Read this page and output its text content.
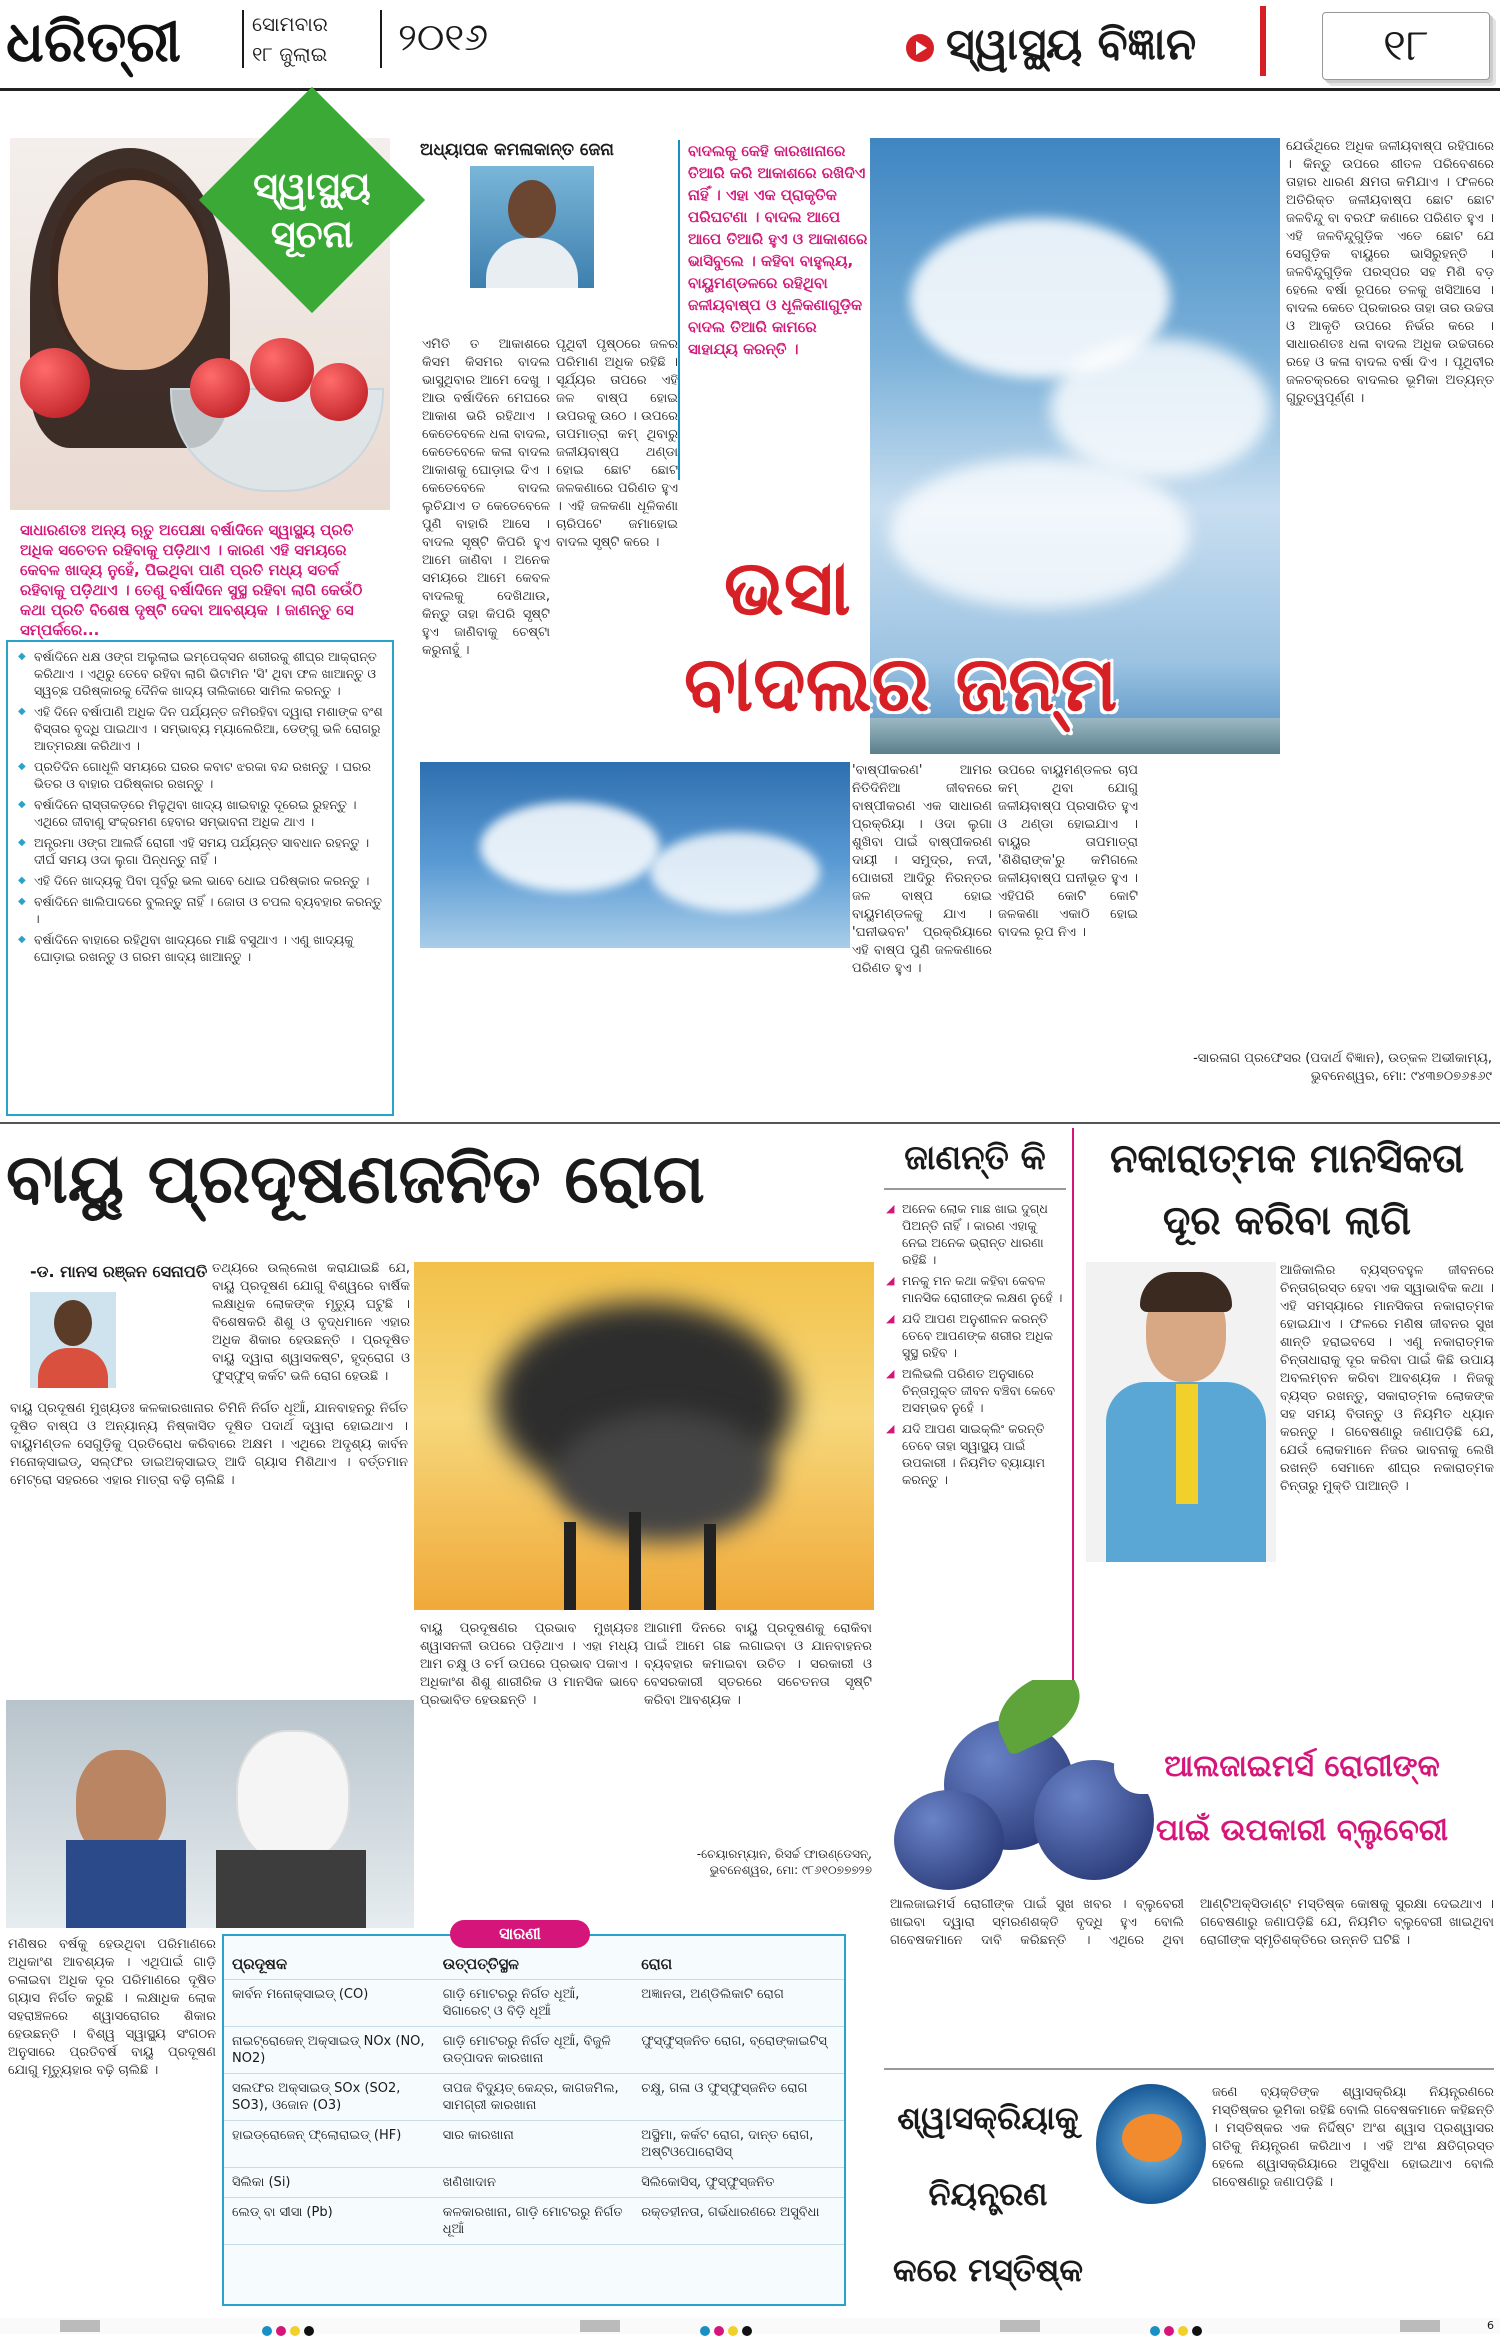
ଧରିତ୍ରୀ	ସୋମବାର
୧୮ ଜୁଲାଇ	୨୦୧୬	ସ୍ୱାସ୍ଥ୍ୟ ବିଜ୍ଞାନ	୧୮
ସ୍ୱାସ୍ଥ୍ୟ
ସୂଚନା
ସାଧାରଣତଃ ଅନ୍ୟ ଋତୁ ଅପେକ୍ଷା ବର୍ଷାଦିନେ ସ୍ୱାସ୍ଥ୍ୟ ପ୍ରତି ଅଧିକ ସଚେତନ ରହିବାକୁ ପଡ଼ିଥାଏ । କାରଣ ଏହି ସମୟରେ କେବଳ ଖାଦ୍ୟ ନୁହେଁ, ପିଇଥିବା ପାଣି ପ୍ରତି ମଧ୍ୟ ସତର୍କ ରହିବାକୁ ପଡ଼ିଥାଏ । ତେଣୁ ବର୍ଷାଦିନେ ସୁସ୍ଥ ରହିବା ଲାଗି କେଉଁଠି କଥା ପ୍ରତି ବିଶେଷ ଦୃଷ୍ଟି ଦେବା ଆବଶ୍ୟକ । ଜାଣନ୍ତୁ ସେ ସମ୍ପର୍କରେ...
◆ ବର୍ଷାଦିନେ ଧକ୍ଷ ଓଙ୍ଗ ଅଲୁଲାଇ ଇମ୍ପେକ୍ସନ ଶରୀରକୁ ଶୀଘ୍ର ଆକ୍ରାନ୍ତ କରିଥାଏ । ଏଥିରୁ ତେବେ ରହିବା ଲାଗି ଭିଟାମିନ 'ସି' ଥିବା ଫଳ ଖାଆନ୍ତୁ ଓ ସ୍ୱଚ୍ଛ ପରିଷ୍କାରକୁ ଦୈନିକ ଖାଦ୍ୟ ତାଲିକାରେ ସାମିଲ କରନ୍ତୁ ।
◆ ଏହି ଦିନେ ବର୍ଷାପାଣି ଅଧିକ ଦିନ ପର୍ଯ୍ୟନ୍ତ ଜମିରହିବା ଦ୍ୱାରା ମଶାଙ୍କ ବଂଶ ବିସ୍ତାର ବୃଦ୍ଧି ପାଇଥାଏ । ସମ୍ଭାବ୍ୟ ମ୍ୟାଲେରିଆ, ଡେଙ୍ଗୁ ଭଳି ରୋଗରୁ ଆତ୍ମରକ୍ଷା କରିଥାଏ ।
◆ ପ୍ରତିଦିନ ଗୋଧୂଳି ସମୟରେ ଘରର କବାଟ ଝରକା ବନ୍ଦ ରଖନ୍ତୁ । ଘରର ଭିତର ଓ ବାହାର ପରିଷ୍କାର ରଖନ୍ତୁ ।
◆ ବର୍ଷାଦିନେ ରାସ୍ତାକଡ଼ରେ ମିଳୁଥିବା ଖାଦ୍ୟ ଖାଇବାରୁ ଦୂରେଇ ରୁହନ୍ତୁ । ଏଥିରେ ଜୀବାଣୁ ସଂକ୍ରମଣ ହେବାର ସମ୍ଭାବନା ଅଧିକ ଥାଏ ।
◆ ଅନ୍ତ୍ରମା ଓଙ୍ଗ ଆଲର୍ଜି ରୋଗୀ ଏହି ସମୟ ପର୍ଯ୍ୟନ୍ତ ସାବଧାନ ରହନ୍ତୁ । ଦୀର୍ଘ ସମୟ ଓଦା ଲୁଗା ପିନ୍ଧନ୍ତୁ ନାହିଁ ।
◆ ଏହି ଦିନେ ଖାଦ୍ୟକୁ ପିବା ପୂର୍ବରୁ ଭଲ ଭାବେ ଧୋଇ ପରିଷ୍କାର କରନ୍ତୁ ।
◆ ବର୍ଷାଦିନେ ଖାଲିପାଦରେ ବୁଲନ୍ତୁ ନାହିଁ । ଜୋତା ଓ ଚପଲ ବ୍ୟବହାର କରନ୍ତୁ ।
◆ ବର୍ଷାଦିନେ ବାହାରେ ରହିଥିବା ଖାଦ୍ୟରେ ମାଛି ବସୁଥାଏ । ଏଣୁ ଖାଦ୍ୟକୁ ଘୋଡ଼ାଇ ରଖନ୍ତୁ ଓ ଗରମ ଖାଦ୍ୟ ଖାଆନ୍ତୁ ।
ଅଧ୍ୟାପକ କମଳାକାନ୍ତ ଜେନା	ବାଦଲକୁ କେହି କାରଖାନାରେ ତିଆରି କରି ଆକାଶରେ ରଖିଦିଏ ନାହିଁ । ଏହା ଏକ ପ୍ରାକୃତିକ ପରିଘଟଣା । ବାଦଲ ଆପେ ଆପେ ତିଆରି ହୁଏ ଓ ଆକାଶରେ ଭାସିବୁଲେ । କହିବା ବାହୁଲ୍ୟ, ବାୟୁମଣ୍ଡଳରେ ରହିଥିବା ଜଳୀୟବାଷ୍ପ ଓ ଧୂଳିକଣାଗୁଡ଼ିକ ବାଦଲ ତିଆରି କାମରେ ସାହାଯ୍ୟ କରନ୍ତି ।
ଏମିତି ତ ଆକାଶରେ କିସମ କିସମର ବାଦଲ ଭାସୁଥିବାର ଆମେ ଦେଖୁ । ଆଉ ବର୍ଷାଦିନେ ମେଘରେ ଆକାଶ ଭରି ରହିଥାଏ । କେତେବେଳେ ଧଳା ବାଦଲ, କେତେବେଳେ କଳା ବାଦଲ ଆକାଶକୁ ଘୋଡ଼ାଇ ଦିଏ । କେତେବେଳେ ବାଦଲ ଲୁଚିଯାଏ ତ କେତେବେଳେ ପୁଣି ବାହାରି ଆସେ । ବାଦଲ ସୃଷ୍ଟି କିପରି ହୁଏ ଆମେ ଜାଣିବା । ଅନେକ ସମୟରେ ଆମେ କେବଳ ବାଦଲକୁ ଦେଖିଥାଉ, କିନ୍ତୁ ତାହା କିପରି ସୃଷ୍ଟି ହୁଏ ଜାଣିବାକୁ ଚେଷ୍ଟା କରୁନାହୁଁ ।
ପୃଥିବୀ ପୃଷ୍ଠରେ ଜଳର ପରିମାଣ ଅଧିକ ରହିଛି । ସୂର୍ଯ୍ୟର ତାପରେ ଏହି ଜଳ ବାଷ୍ପ ହୋଇ ଉପରକୁ ଉଠେ । ଉପରେ ତାପମାତ୍ରା କମ୍ ଥିବାରୁ ଜଳୀୟବାଷ୍ପ ଥଣ୍ଡା ହୋଇ ଛୋଟ ଛୋଟ ଜଳକଣାରେ ପରିଣତ ହୁଏ । ଏହି ଜଳକଣା ଧୂଳିକଣା ଚାରିପଟେ ଜମାହୋଇ ବାଦଲ ସୃଷ୍ଟି କରେ ।
ଭସା
ବାଦଲର ଜନ୍ମ
ଯେଉଁଥିରେ ଅଧିକ ଜଳୀୟବାଷ୍ପ ରହିପାରେ । କିନ୍ତୁ ଉପରେ ଶୀତଳ ପରିବେଶରେ ତାହାର ଧାରଣ କ୍ଷମତା କମିଯାଏ । ଫଳରେ ଅତିରିକ୍ତ ଜଳୀୟବାଷ୍ପ ଛୋଟ ଛୋଟ ଜଳବିନ୍ଦୁ ବା ବରଫ କଣାରେ ପରିଣତ ହୁଏ । ଏହି ଜଳବିନ୍ଦୁଗୁଡ଼ିକ ଏତେ ଛୋଟ ଯେ ସେଗୁଡ଼ିକ ବାୟୁରେ ଭାସିରୁହନ୍ତି । ଜଳବିନ୍ଦୁଗୁଡ଼ିକ ପରସ୍ପର ସହ ମିଶି ବଡ଼ ହେଲେ ବର୍ଷା ରୂପରେ ତଳକୁ ଖସିଆସେ । ବାଦଲ କେତେ ପ୍ରକାରର ତାହା ତାର ଉଚ୍ଚତା ଓ ଆକୃତି ଉପରେ ନିର୍ଭର କରେ । ସାଧାରଣତଃ ଧଳା ବାଦଲ ଅଧିକ ଉଚ୍ଚତାରେ ରହେ ଓ କଳା ବାଦଲ ବର୍ଷା ଦିଏ । ପୃଥିବୀର ଜଳଚକ୍ରରେ ବାଦଲର ଭୂମିକା ଅତ୍ୟନ୍ତ ଗୁରୁତ୍ୱପୂର୍ଣ୍ଣ ।
'ବାଷ୍ପୀକରଣ' ଆମର ନିତିଦିନିଆ ଜୀବନରେ ବାଷ୍ପୀକରଣ ଏକ ସାଧାରଣ ପ୍ରକ୍ରିୟା । ଓଦା ଲୁଗା ଶୁଖିବା ପାଇଁ ବାଷ୍ପୀକରଣ ଦାୟୀ । ସମୁଦ୍ର, ନଦୀ, ପୋଖରୀ ଆଦିରୁ ନିରନ୍ତର ଜଳ ବାଷ୍ପ ହୋଇ ବାୟୁମଣ୍ଡଳକୁ ଯାଏ । 'ଘନୀଭବନ' ପ୍ରକ୍ରିୟାରେ ଏହି ବାଷ୍ପ ପୁଣି ଜଳକଣାରେ ପରିଣତ ହୁଏ ।
ଉପରେ ବାୟୁମଣ୍ଡଳର ଚାପ କମ୍ ଥିବା ଯୋଗୁ ଜଳୀୟବାଷ୍ପ ପ୍ରସାରିତ ହୁଏ ଓ ଥଣ୍ଡା ହୋଇଯାଏ । ବାୟୁର ତାପମାତ୍ରା 'ଶିଶିରାଙ୍କ'ରୁ କମିଗଲେ ଜଳୀୟବାଷ୍ପ ଘନୀଭୂତ ହୁଏ । ଏହିପରି କୋଟି କୋଟି ଜଳକଣା ଏକାଠି ହୋଇ ବାଦଲ ରୂପ ନିଏ ।
-ସାରଳାଗ ପ୍ରଫେସର (ପଦାର୍ଥ ବିଜ୍ଞାନ), ଉତ୍କଳ ଅଭୀକାମ୍ୟ, ଭୁବନେଶ୍ୱର, ମୋ: ୯୪୩୭୦୭୬୫୬୯
ବାୟୁ ପ୍ରଦୂଷଣଜନିତ ରୋଗ
-ଡ. ମାନସ ରଞ୍ଜନ ସେନାପତି
ବାୟୁ ପ୍ରଦୂଷଣ ମୁଖ୍ୟତଃ କଳକାରଖାନାର ଚିମିନି ନିର୍ଗତ ଧୂଆଁ, ଯାନବାହନରୁ ନିର୍ଗତ ଦୂଷିତ ବାଷ୍ପ ଓ ଅନ୍ୟାନ୍ୟ ନିଷ୍କାସିତ ଦୂଷିତ ପଦାର୍ଥ ଦ୍ୱାରା ହୋଇଥାଏ । ବାୟୁମଣ୍ଡଳ ସେଗୁଡ଼ିକୁ ପ୍ରତିରୋଧ କରିବାରେ ଅକ୍ଷମ । ଏଥିରେ ଅଦୃଶ୍ୟ କାର୍ବନ ମନୋକ୍ସାଇଡ୍, ସଲ୍ଫର ଡାଇଅକ୍ସାଇଡ୍ ଆଦି ଗ୍ୟାସ ମିଶିଥାଏ । ବର୍ତ୍ତମାନ ମେଟ୍ରୋ ସହରରେ ଏହାର ମାତ୍ରା ବଢ଼ି ଚାଲିଛି ।
ତଥ୍ୟରେ ଉଲ୍ଲେଖ କରାଯାଇଛି ଯେ, ବାୟୁ ପ୍ରଦୂଷଣ ଯୋଗୁ ବିଶ୍ୱରେ ବାର୍ଷିକ ଲକ୍ଷାଧିକ ଲୋକଙ୍କ ମୃତ୍ୟୁ ଘଟୁଛି । ବିଶେଷକରି ଶିଶୁ ଓ ବୃଦ୍ଧମାନେ ଏହାର ଅଧିକ ଶିକାର ହେଉଛନ୍ତି । ପ୍ରଦୂଷିତ ବାୟୁ ଦ୍ୱାରା ଶ୍ୱାସକଷ୍ଟ, ହୃଦ୍‌ରୋଗ ଓ ଫୁସ୍‌ଫୁସ୍ କର୍କଟ ଭଳି ରୋଗ ହେଉଛି ।
ବାୟୁ ପ୍ରଦୂଷଣର ପ୍ରଭାବ ମୁଖ୍ୟତଃ ଶ୍ୱାସନଳୀ ଉପରେ ପଡ଼ିଥାଏ । ଏହା ମଧ୍ୟ ଆମ ଚକ୍ଷୁ ଓ ଚର୍ମ ଉପରେ ପ୍ରଭାବ ପକାଏ । ଅଧିକାଂଶ ଶିଶୁ ଶାରୀରିକ ଓ ମାନସିକ ଭାବେ ପ୍ରଭାବିତ ହେଉଛନ୍ତି ।
ଆଗାମୀ ଦିନରେ ବାୟୁ ପ୍ରଦୂଷଣକୁ ରୋକିବା ପାଇଁ ଆମେ ଗଛ ଲଗାଇବା ଓ ଯାନବାହନର ବ୍ୟବହାର କମାଇବା ଉଚିତ । ସରକାରୀ ଓ ବେସରକାରୀ ସ୍ତରରେ ସଚେତନତା ସୃଷ୍ଟି କରିବା ଆବଶ୍ୟକ ।
-ଚେୟାରମ୍ୟାନ, ରିସର୍ଚ୍ଚ ଫାଉଣ୍ଡେସନ୍, ଭୁବନେଶ୍ୱର, ମୋ: ୯୮୬୧୦୭୭୭୨୭
ମଣିଷର ବର୍ଷକୁ ହେଉଥିବା ପରିମାଣରେ ଅଧିକାଂଶ ଆବଶ୍ୟକ । ଏଥିପାଇଁ ଗାଡ଼ି ଚଳାଇବା ଅଧିକ ଦୂର ପରିମାଣରେ ଦୂଷିତ ଗ୍ୟାସ ନିର୍ଗତ କରୁଛି । ଲକ୍ଷାଧିକ ଲୋକ ସହରାଞ୍ଚଳରେ ଶ୍ୱାସରୋଗର ଶିକାର ହେଉଛନ୍ତି । ବିଶ୍ୱ ସ୍ୱାସ୍ଥ୍ୟ ସଂଗଠନ ଅନୁସାରେ ପ୍ରତିବର୍ଷ ବାୟୁ ପ୍ରଦୂଷଣ ଯୋଗୁ ମୃତ୍ୟୁହାର ବଢ଼ି ଚାଲିଛି ।
ସାରଣୀ
ପ୍ରଦୂଷକ	ଉତ୍ପତ୍ତିସ୍ଥଳ	ରୋଗ
କାର୍ବନ ମନୋକ୍ସାଇଡ୍ (CO)	ଗାଡ଼ି ମୋଟରରୁ ନିର୍ଗତ ଧୂଆଁ, ସିଗାରେଟ୍ ଓ ବିଡ଼ି ଧୂଆଁ	ଅଜ୍ଞାନତା, ଅଣ୍ଡିଲିକାଟି ରୋଗ
ନାଇଟ୍ରୋଜେନ୍ ଅକ୍ସାଇଡ୍ NOx (NO, NO2)	ଗାଡ଼ି ମୋଟରରୁ ନିର୍ଗତ ଧୂଆଁ, ବିଜୁଳି ଉତ୍ପାଦନ କାରଖାନା	ଫୁସ୍‌ଫୁସ୍‌ଜନିତ ରୋଗ, ବ୍ରୋଙ୍କାଇଟିସ୍
ସଲଫର ଅକ୍ସାଇଡ୍ SOx (SO2, SO3), ଓଜୋନ (O3)	ତାପଜ ବିଦ୍ୟୁତ୍ କେନ୍ଦ୍ର, କାଗଜମିଲ, ସାମଗ୍ରୀ କାରଖାନା	ଚକ୍ଷୁ, ଗଳା ଓ ଫୁସ୍‌ଫୁସ୍‌ଜନିତ ରୋଗ
ହାଇଡ୍ରୋଜେନ୍ ଫ୍ଲୋରାଇଡ୍ (HF)	ସାର କାରଖାନା	ଅସ୍ଥିମା, କର୍କଟ ରୋଗ, ଦାନ୍ତ ରୋଗ, ଅଷ୍ଟିଓପୋରୋସିସ୍
ସିଲିକା (Si)	ଖଣିଖାଦାନ	ସିଲିକୋସିସ୍, ଫୁସ୍‌ଫୁସ୍‌ଜନିତ
ଲେଡ୍ ବା ସୀସା (Pb)	କଳକାରଖାନା, ଗାଡ଼ି ମୋଟରରୁ ନିର୍ଗତ ଧୂଆଁ	ରକ୍ତହୀନତା, ଗର୍ଭଧାରଣରେ ଅସୁବିଧା
ଜାଣନ୍ତି କି
◢ ଅନେକ ଲୋକ ମାଛ ଖାଇ ଦୁଗ୍ଧ ପିଅନ୍ତି ନାହିଁ । କାରଣ ଏହାକୁ ନେଇ ଅନେକ ଭ୍ରାନ୍ତ ଧାରଣା ରହିଛି ।
◢ ମନକୁ ମନ କଥା କହିବା କେବଳ ମାନସିକ ରୋଗୀଙ୍କ ଲକ୍ଷଣ ନୁହେଁ ।
◢ ଯଦି ଆପଣ ଅନୁଶୀଳନ କରନ୍ତି ତେବେ ଆପଣଙ୍କ ଶରୀର ଅଧିକ ସୁସ୍ଥ ରହିବ ।
◢ ଅଲିଭଲି ପରିଣତ ଅନୁସାରେ ଚିନ୍ତାମୁକ୍ତ ଜୀବନ ବଞ୍ଚିବା କେବେ ଅସମ୍ଭବ ନୁହେଁ ।
◢ ଯଦି ଆପଣ ସାଇକ୍ଲିଂ କରନ୍ତି ତେବେ ତାହା ସ୍ୱାସ୍ଥ୍ୟ ପାଇଁ ଉପକାରୀ । ନିୟମିତ ବ୍ୟାୟାମ କରନ୍ତୁ ।
ନକାରାତ୍ମକ ମାନସିକତା
ଦୂର କରିବା ଲାଗି
ଆଜିକାଲିର ବ୍ୟସ୍ତବହୁଳ ଜୀବନରେ ଚିନ୍ତାଗ୍ରସ୍ତ ହେବା ଏକ ସ୍ୱାଭାବିକ କଥା । ଏହି ସମସ୍ୟାରେ ମାନସିକତା ନକାରାତ୍ମକ ହୋଇଯାଏ । ଫଳରେ ମଣିଷ ଜୀବନର ସୁଖ ଶାନ୍ତି ହରାଇବସେ । ଏଣୁ ନକାରାତ୍ମକ ଚିନ୍ତାଧାରାକୁ ଦୂର କରିବା ପାଇଁ କିଛି ଉପାୟ ଅବଲମ୍ବନ କରିବା ଆବଶ୍ୟକ । ନିଜକୁ ବ୍ୟସ୍ତ ରଖନ୍ତୁ, ସକାରାତ୍ମକ ଲୋକଙ୍କ ସହ ସମୟ ବିତାନ୍ତୁ ଓ ନିୟମିତ ଧ୍ୟାନ କରନ୍ତୁ । ଗବେଷଣାରୁ ଜଣାପଡ଼ିଛି ଯେ, ଯେଉଁ ଲୋକମାନେ ନିଜର ଭାବନାକୁ ଲେଖି ରଖନ୍ତି ସେମାନେ ଶୀଘ୍ର ନକାରାତ୍ମକ ଚିନ୍ତାରୁ ମୁକ୍ତି ପାଆନ୍ତି ।
ଆଲଜାଇମର୍ସ ରୋଗୀଙ୍କ
ପାଇଁ ଉପକାରୀ ବ୍ଲୁବେରୀ
ଆଲଜାଇମର୍ସ ରୋଗୀଙ୍କ ପାଇଁ ସୁଖ ଖବର । ବ୍ଲୁବେରୀ ଖାଇବା ଦ୍ୱାରା ସ୍ମରଣଶକ୍ତି ବୃଦ୍ଧି ହୁଏ ବୋଲି ଗବେଷକମାନେ ଦାବି କରିଛନ୍ତି । ଏଥିରେ ଥିବା ଆଣ୍ଟିଅକ୍ସିଡାଣ୍ଟ ମସ୍ତିଷ୍କ କୋଷକୁ ସୁରକ୍ଷା ଦେଇଥାଏ । ଗବେଷଣାରୁ ଜଣାପଡ଼ିଛି ଯେ, ନିୟମିତ ବ୍ଲୁବେରୀ ଖାଇଥିବା ରୋଗୀଙ୍କ ସ୍ମୃତିଶକ୍ତିରେ ଉନ୍ନତି ଘଟିଛି ।
ଶ୍ୱାସକ୍ରିୟାକୁ
ନିୟନ୍ତ୍ରଣ
କରେ ମସ୍ତିଷ୍କ
ଜଣେ ବ୍ୟକ୍ତିଙ୍କ ଶ୍ୱାସକ୍ରିୟା ନିୟନ୍ତ୍ରଣରେ ମସ୍ତିଷ୍କର ଭୂମିକା ରହିଛି ବୋଲି ଗବେଷକମାନେ କହିଛନ୍ତି । ମସ୍ତିଷ୍କର ଏକ ନିର୍ଦ୍ଦିଷ୍ଟ ଅଂଶ ଶ୍ୱାସ ପ୍ରଶ୍ୱାସର ଗତିକୁ ନିୟନ୍ତ୍ରଣ କରିଥାଏ । ଏହି ଅଂଶ କ୍ଷତିଗ୍ରସ୍ତ ହେଲେ ଶ୍ୱାସକ୍ରିୟାରେ ଅସୁବିଧା ହୋଇଥାଏ ବୋଲି ଗବେଷଣାରୁ ଜଣାପଡ଼ିଛି ।
6
